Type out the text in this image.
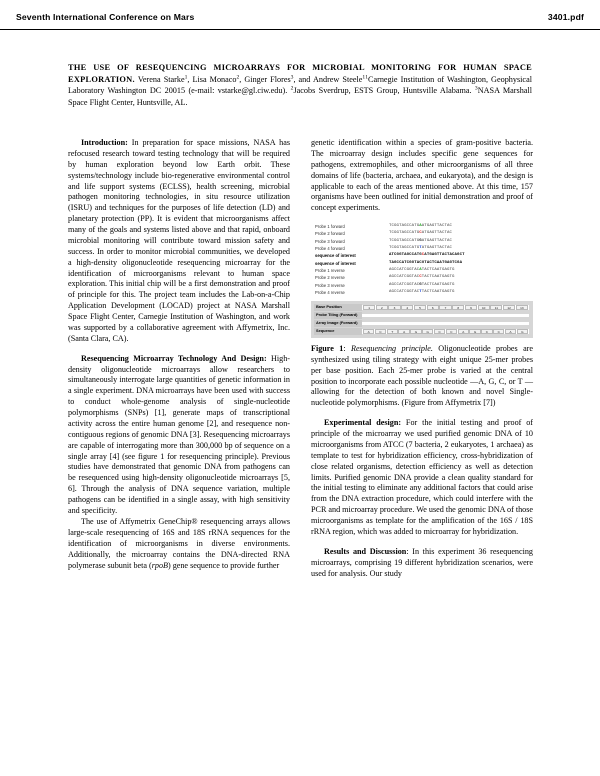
Seventh International Conference on Mars	3401.pdf
THE USE OF RESEQUENCING MICROARRAYS FOR MICROBIAL MONITORING FOR HUMAN SPACE EXPLORATION. Verena Starke$^1$, Lisa Monaco$^2$, Ginger Flores$^3$, and Andrew Steele$^{11}$Carnegie Institution of Washington, Geophysical Laboratory Washington DC 20015 (e-mail: vstarke@gl.ciw.edu). $^2$Jacobs Sverdrup, ESTS Group, Huntsville Alabama. $^3$NASA Marshall Space Flight Center, Huntsville, AL.

Introduction: In preparation for space missions, NASA has refocused research toward testing technology that will be required by human exploration beyond low Earth orbit. These systems/technology include bio-regenerative environmental control and life support systems (ECLSS), health screening, microbial pathogen monitoring technologies, in situ resource utilization (ISRU) and techniques for the purposes of life detection (LD) and planetary protection (PP). It is evident that microorganisms affect many of the goals and systems listed above and that rapid, onboard microbial monitoring will contribute toward mission safety and success. In order to monitor microbial communities, we developed a high-density oligonucleotide resequencing microarray for the identification of microorganisms relevant to human space exploration. This initial chip will be a first demonstration and proof of principle for this. The project team includes the Lab-on-a-Chip Application Development (LOCAD) project at NASA Marshall Space Flight Center, Carnegie Institution of Washington, and work was supported by a collaborative agreement with Affymetrix, Inc. (Santa Clara, CA).

Resequencing Microarray Technology And Design: High-density oligonucleotide microarrays allow researchers to simultaneously interrogate large quantities of genetic information in a single experiment. DNA microarrays have been used with success to conduct whole-genome analysis of single-nucleotide polymorphisms (SNPs) [1], generate maps of transcriptional activity across the entire human genome [2], and resequence non-contiguous regions of genomic DNA [3]. Resequencing microarrays are capable of interrogating more than 300,000 bp of sequence on a single array [4] (see figure 1 for resequencing principle). Previous studies have demonstrated that genomic DNA from pathogens can be resequenced using high-density oligonucleotide microarrays [5, 6]. Through the analysis of DNA sequence variation, multiple pathogens can be identified in a single assay, with high sensitivity and specificity.

The use of Affymetrix GeneChip® resequencing arrays allows large-scale resequencing of 16S and 18S rRNA sequences for the identification of microorganisms in diverse environments. Additionally, the microarray contains the DNA-directed RNA polymerase subunit beta (rpoB) gene sequence to provide further

genetic identification within a species of gram-positive bacteria. The microarray design includes specific gene sequences for pathogens, extremophiles, and other microorganisms of all three domains of life (bacteria, archaea, and eukaryota), and the design is applicable to each of the areas mentioned above. At this time, 157 organisms have been outlined for initial demonstration and proof of concept experiments.

Probe 1 forward	TCGGTAGCCATGAATGAGTTACTAC
Probe 2 forward	TCGGTAGCCATGCATGAGTTACTAC
Probe 3 forward	TCGGTAGCCATGGATGAGTTACTAC
Probe 4 forward	TCGGTAGCCATGTATGAGTTACTAC
sequence of interest	ATCGGTAGCCATGCATGAGTTACTACAGCT
sequence of interest	TAGCCATCGGTACGTACTCAATGAGTCGA
Probe 1 reverse	AGCCATCGGTACATACTCAATGAGTG
Probe 2 reverse	AGCCATCGGTACCTACTCAATGAGTG
Probe 3 reverse	AGCCATCGGTACGTACTCAATGAGTG
Probe 4 reverse	AGCCATCGGTACTTACTCAATGAGTG
Base Position	1	2	3	4	5	6	7	8	9	10	11	12	13
Probe Tiling (Forward)
Array Image (Forward)
Sequence	A	C	T	A	G	G	C	C	A	G	C	C	A	G
Figure 1: Resequencing principle. Oligonucleotide probes are synthesized using tiling strategy with eight unique 25-mer probes per base position. Each 25-mer probe is varied at the central position to incorporate each possible nucleotide —A, G, C, or T — allowing for the detection of both known and novel Single-nucleotide polymorphisms. (Figure from Affymetrix [7])

Experimental design: For the initial testing and proof of principle of the microarray we used purified genomic DNA of 10 microorganisms from ATCC (7 bacteria, 2 eukaryotes, 1 archaea) as template to test for hybridization efficiency, cross-hybridization of close related organisms, detection efficiency as well as detection limits. Purified genomic DNA provide a clean quality standard for the initial testing to eliminate any additional factors that could arise from the DNA extraction procedure, which could interfere with the PCR and microarray procedure. We used the genomic DNA of those microorganisms as template for the amplification of the 16S / 18S rRNA region, which was added to microarray for hybridization.

Results and Discussion: In this experiment 36 resequencing microarrays, comprising 19 different hybridization scenarios, were used for analysis. Our study
